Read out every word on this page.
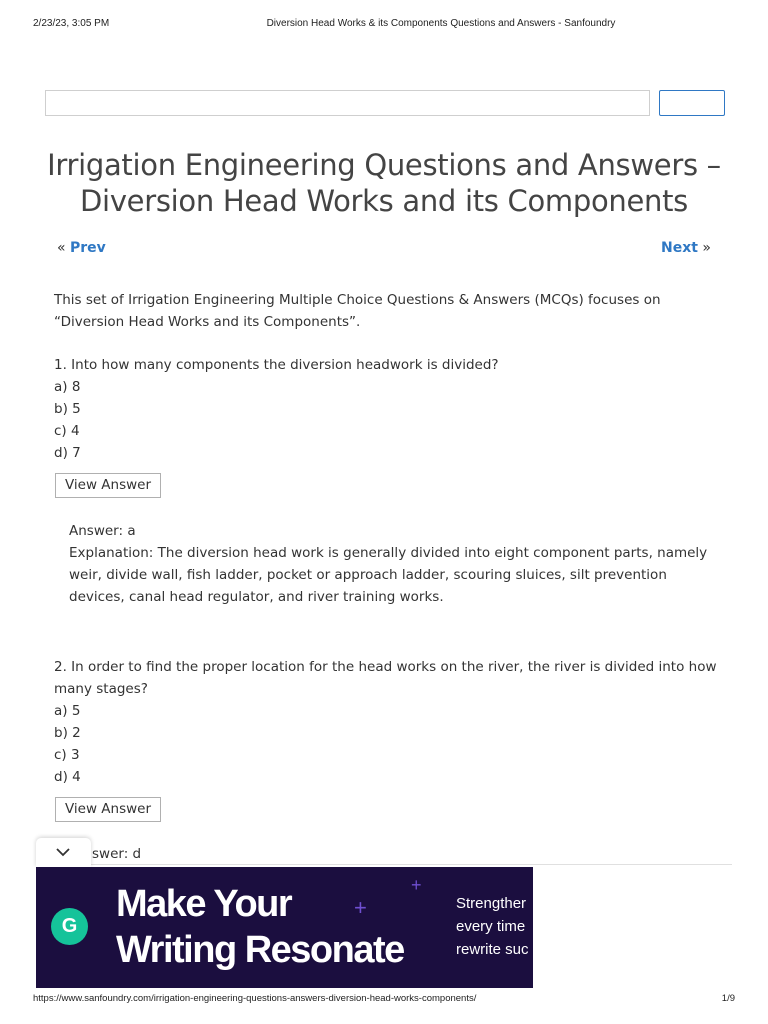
2/23/23, 3:05 PM	Diversion Head Works & its Components Questions and Answers - Sanfoundry
Irrigation Engineering Questions and Answers – Diversion Head Works and its Components
« Prev	Next »

This set of Irrigation Engineering Multiple Choice Questions & Answers (MCQs) focuses on “Diversion Head Works and its Components”.

1. Into how many components the diversion headwork is divided?
a) 8
b) 5
c) 4
d) 7
View Answer
Answer: a
Explanation: The diversion head work is generally divided into eight component parts, namely weir, divide wall, fish ladder, pocket or approach ladder, scouring sluices, silt prevention devices, canal head regulator, and river training works.
2. In order to find the proper location for the head works on the river, the river is divided into how many stages?
a) 5
b) 2
c) 3
d) 4
View Answer
swer: d
G
Make Your
Writing Resonate
+
+
Strengther
every time
rewrite suc
https://www.sanfoundry.com/irrigation-engineering-questions-answers-diversion-head-works-components/	1/9
